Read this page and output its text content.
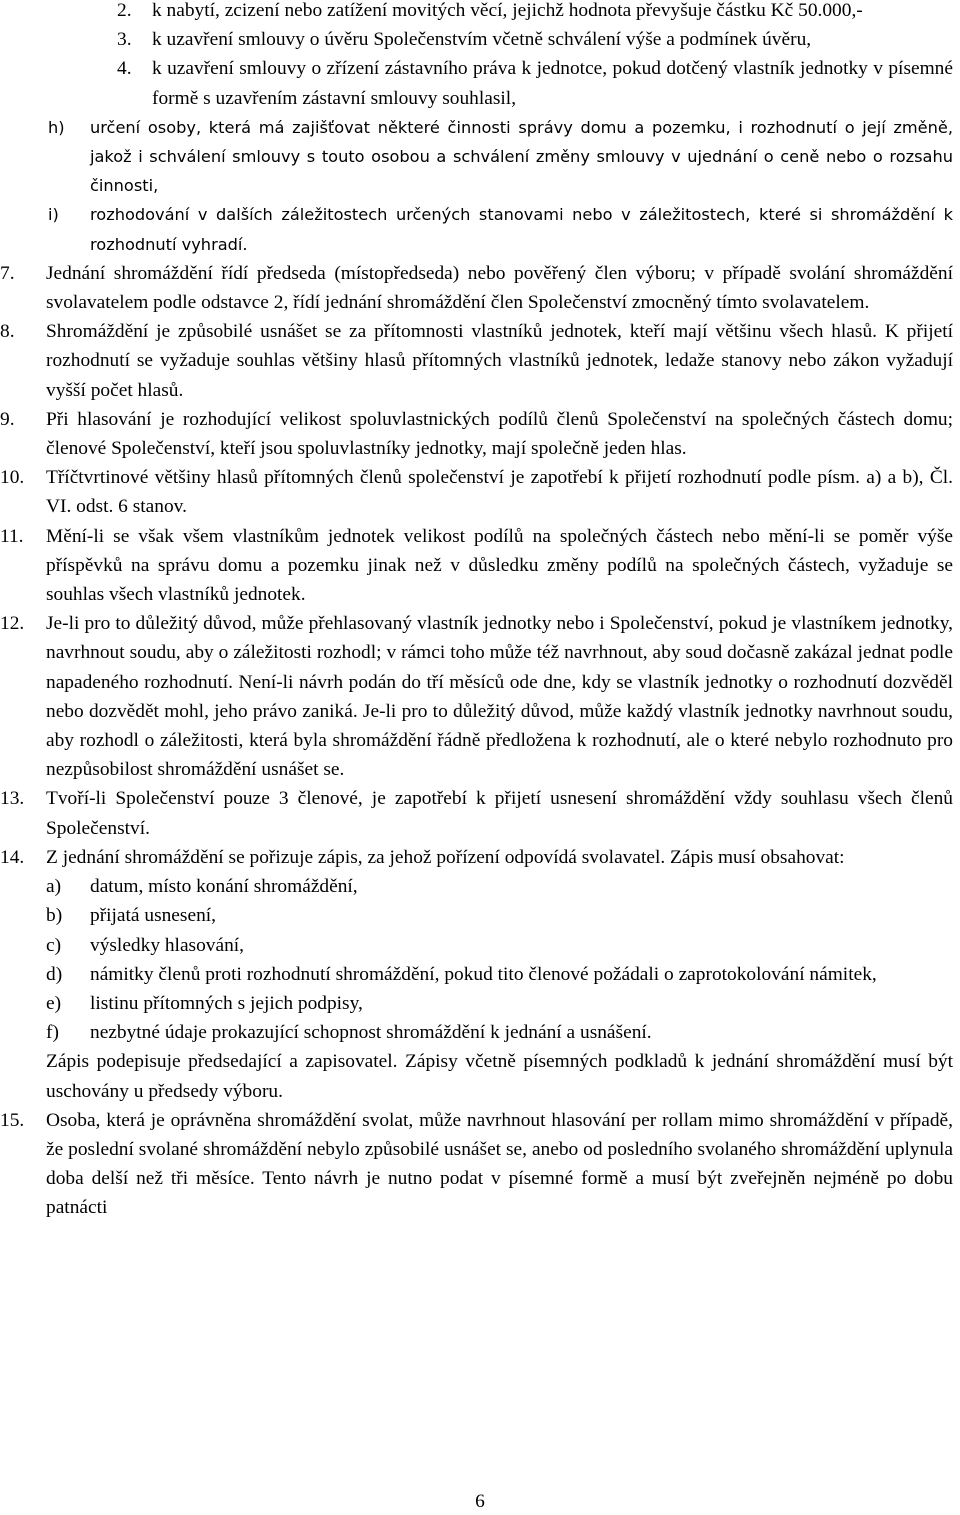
2. k nabytí, zcizení nebo zatížení movitých věcí, jejichž hodnota převyšuje částku Kč 50.000,-
3. k uzavření smlouvy o úvěru Společenstvím včetně schválení výše a podmínek úvěru,
4. k uzavření smlouvy o zřízení zástavního práva k jednotce, pokud dotčený vlastník jednotky v písemné formě s uzavřením zástavní smlouvy souhlasil,
h) určení osoby, která má zajišťovat některé činnosti správy domu a pozemku, i rozhodnutí o její změně, jakož i schválení smlouvy s touto osobou a schválení změny smlouvy v ujednání o ceně nebo o rozsahu činnosti,
i) rozhodování v dalších záležitostech určených stanovami nebo v záležitostech, které si shromáždění k rozhodnutí vyhradí.
7. Jednání shromáždění řídí předseda (místopředseda) nebo pověřený člen výboru; v případě svolání shromáždění svolavatelem podle odstavce 2, řídí jednání shromáždění člen Společenství zmocněný tímto svolavatelem.
8. Shromáždění je způsobilé usnášet se za přítomnosti vlastníků jednotek, kteří mají většinu všech hlasů. K přijetí rozhodnutí se vyžaduje souhlas většiny hlasů přítomných vlastníků jednotek, ledaže stanovy nebo zákon vyžadují vyšší počet hlasů.
9. Při hlasování je rozhodující velikost spoluvlastnických podílů členů Společenství na společných částech domu; členové Společenství, kteří jsou spoluvlastníky jednotky, mají společně jeden hlas.
10. Tříčtvrtinové většiny hlasů přítomných členů společenství je zapotřebí k přijetí rozhodnutí podle písm. a) a b), Čl. VI. odst. 6 stanov.
11. Mění-li se však všem vlastníkům jednotek velikost podílů na společných částech nebo mění-li se poměr výše příspěvků na správu domu a pozemku jinak než v důsledku změny podílů na společných částech, vyžaduje se souhlas všech vlastníků jednotek.
12. Je-li pro to důležitý důvod, může přehlasovaný vlastník jednotky nebo i Společenství, pokud je vlastníkem jednotky, navrhnout soudu, aby o záležitosti rozhodl; v rámci toho může též navrhnout, aby soud dočasně zakázal jednat podle napadeného rozhodnutí. Není-li návrh podán do tří měsíců ode dne, kdy se vlastník jednotky o rozhodnutí dozvěděl nebo dozvědět mohl, jeho právo zaniká. Je-li pro to důležitý důvod, může každý vlastník jednotky navrhnout soudu, aby rozhodl o záležitosti, která byla shromáždění řádně předložena k rozhodnutí, ale o které nebylo rozhodnuto pro nezpůsobilost shromáždění usnášet se.
13. Tvoří-li Společenství pouze 3 členové, je zapotřebí k přijetí usnesení shromáždění vždy souhlasu všech členů Společenství.
14. Z jednání shromáždění se pořizuje zápis, za jehož pořízení odpovídá svolavatel. Zápis musí obsahovat:
a) datum, místo konání shromáždění,
b) přijatá usnesení,
c) výsledky hlasování,
d) námitky členů proti rozhodnutí shromáždění, pokud tito členové požádali o zaprotokolování námitek,
e) listinu přítomných s jejich podpisy,
f) nezbytné údaje prokazující schopnost shromáždění k jednání a usnášení.
Zápis podepisuje předsedající a zapisovatel. Zápisy včetně písemných podkladů k jednání shromáždění musí být uschovány u předsedy výboru.
15. Osoba, která je oprávněna shromáždění svolat, může navrhnout hlasování per rollam mimo shromáždění v případě, že poslední svolané shromáždění nebylo způsobilé usnášet se, anebo od posledního svolaného shromáždění uplynula doba delší než tři měsíce. Tento návrh je nutno podat v písemné formě a musí být zveřejněn nejméně po dobu patnácti
6
